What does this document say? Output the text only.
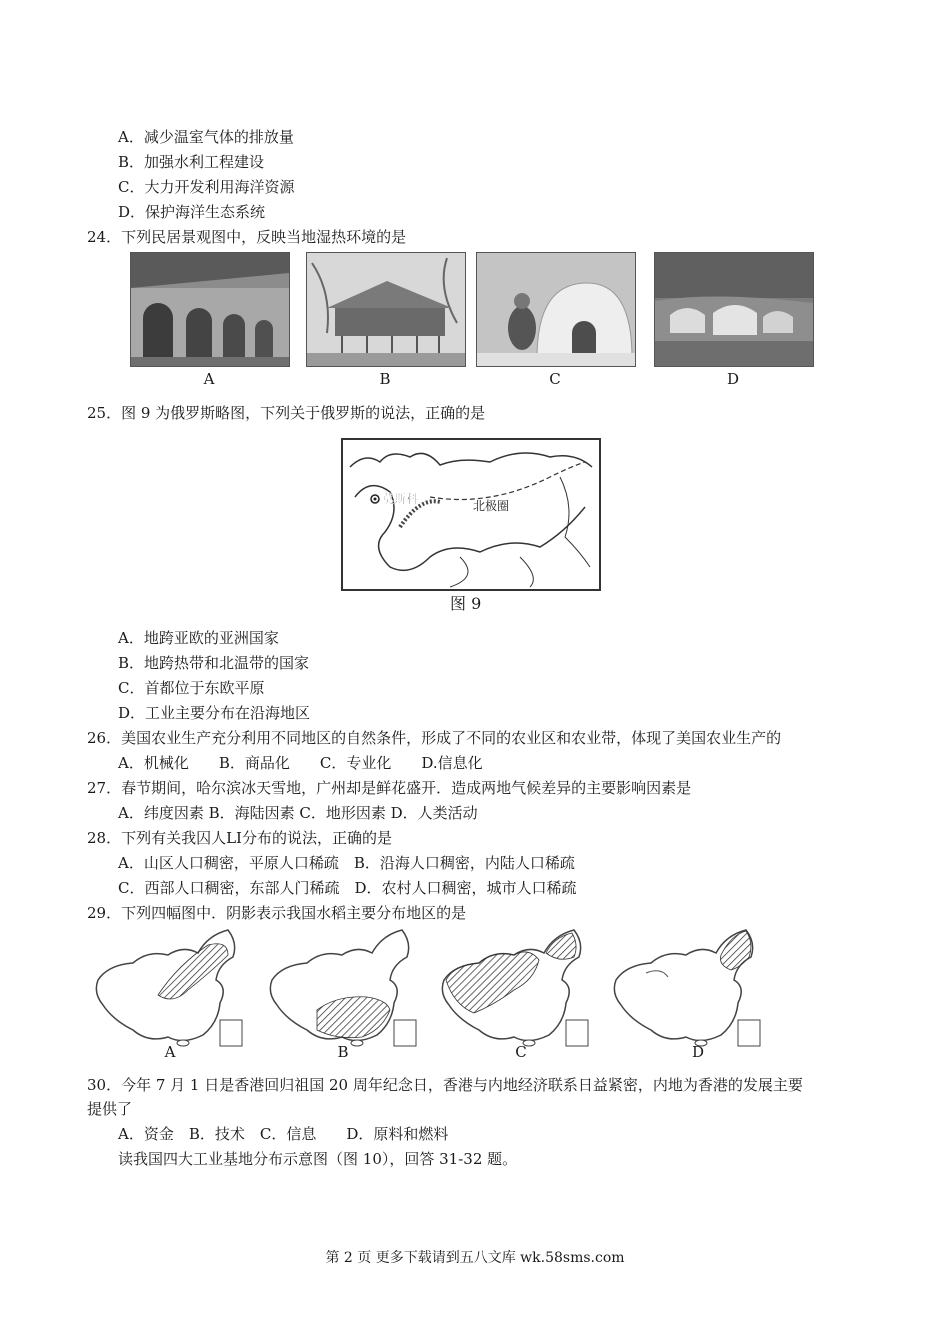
A．减少温室气体的排放量
B．加强水利工程建设
C．大力开发利用海洋资源
D．保护海洋生态系统
24．下列民居景观图中，反映当地湿热环境的是
A	B	C	D
25．图 9 为俄罗斯略图，下列关于俄罗斯的说法，正确的是
莫斯科	北极圈
图 9
A．地跨亚欧的亚洲国家
B．地跨热带和北温带的国家
C．首都位于东欧平原
D．工业主要分布在沿海地区
26．美国农业生产充分利用不同地区的自然条件，形成了不同的农业区和农业带，体现了美国农业生产的
A．机械化　　B．商品化　　C．专业化　　D.信息化
27．春节期间，哈尔滨冰天雪地，广州却是鲜花盛开．造成两地气候差异的主要影响因素是
A．纬度因素 B．海陆因素 C．地形因素 D．人类活动
28．下列有关我囚人LI分布的说法，正确的是
A．山区人口稠密，平原人口稀疏　B．沿海人口稠密，内陆人口稀疏
C．西部人口稠密，东部人门稀疏　D．农村人口稠密，城市人口稀疏
29．下列四幅图中．阴影表示我国水稻主要分布地区的是
A	B	C	D
30．今年 7 月 1 日是香港回归祖国 20 周年纪念日，香港与内地经济联系日益紧密，内地为香港的发展主要
提供了
A．资金　B．技术　C．信息　　D．原料和燃料
读我国四大工业基地分布示意图（图 10），回答 31-32 题。
第 2 页 更多下载请到五八文库 wk.58sms.com
